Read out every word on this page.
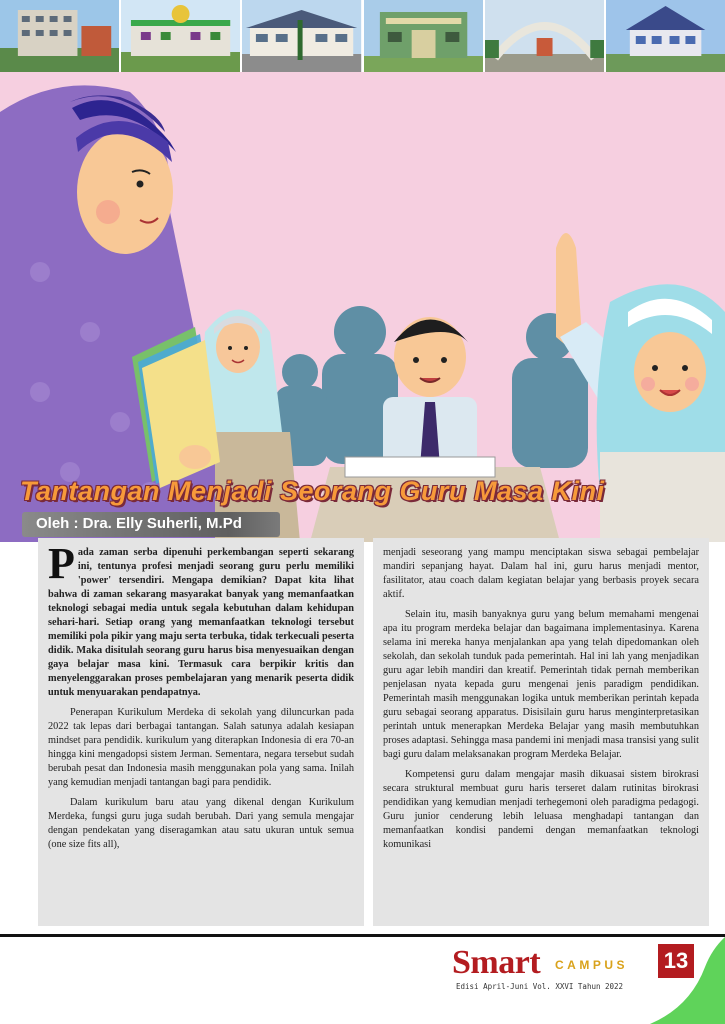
Tantangan Menjadi Seorang Guru Masa Kini
Oleh : Dra. Elly Suherli, M.Pd

Pada zaman serba dipenuhi perkembangan seperti sekarang ini, tentunya profesi menjadi seorang guru perlu memiliki 'power' tersendiri. Mengapa demikian? Dapat kita lihat bahwa di zaman sekarang masyarakat banyak yang memanfaatkan teknologi sebagai media untuk segala kebutuhan dalam kehidupan sehari-hari. Setiap orang yang memanfaatkan teknologi tersebut memiliki pola pikir yang maju serta terbuka, tidak terkecuali peserta didik. Maka disitulah seorang guru harus bisa menyesuaikan dengan gaya belajar masa kini. Termasuk cara berpikir kritis dan menyelenggarakan proses pembelajaran yang menarik peserta didik untuk menyuarakan pendapatnya.

Penerapan Kurikulum Merdeka di sekolah yang diluncurkan pada 2022 tak lepas dari berbagai tantangan. Salah satunya adalah kesiapan mindset para pendidik. kurikulum yang diterapkan Indonesia di era 70-an hingga kini mengadopsi sistem Jerman. Sementara, negara tersebut sudah berubah pesat dan Indonesia masih menggunakan pola yang sama. Inilah yang kemudian menjadi tantangan bagi para pendidik.

Dalam kurikulum baru atau yang dikenal dengan Kurikulum Merdeka, fungsi guru juga sudah berubah. Dari yang semula mengajar dengan pendekatan yang diseragamkan atau satu ukuran untuk semua (one size fits all),

menjadi seseorang yang mampu menciptakan siswa sebagai pembelajar mandiri sepanjang hayat. Dalam hal ini, guru harus menjadi mentor, fasilitator, atau coach dalam kegiatan belajar yang berbasis proyek secara aktif.

Selain itu, masih banyaknya guru yang belum memahami mengenai apa itu program merdeka belajar dan bagaimana implementasinya. Karena selama ini mereka hanya menjalankan apa yang telah dipedomankan oleh sekolah, dan sekolah tunduk pada pemerintah. Hal ini lah yang menjadikan guru agar lebih mandiri dan kreatif. Pemerintah tidak pernah memberikan penjelasan nyata kepada guru mengenai jenis paradigm pendidikan. Pemerintah masih menggunakan logika untuk memberikan perintah kepada guru sebagai seorang apparatus. Disisilain guru harus menginterpretasikan perintah untuk menerapkan Merdeka Belajar yang masih membutuhkan proses adaptasi. Sehingga masa pandemi ini menjadi masa transisi yang sulit bagi guru dalam melaksanakan program Merdeka Belajar.

Kompetensi guru dalam mengajar masih dikuasai sistem birokrasi secara struktural membuat guru haris terseret dalam rutinitas birokrasi pendidikan yang kemudian menjadi terhegemoni oleh paradigma pedagogi. Guru junior cenderung lebih leluasa menghadapi tantangan dan memanfaatkan kondisi pandemi dengan memanfaatkan teknologi komunikasi

Smart CAMPUS
Edisi April-Juni Vol. XXVI Tahun 2022
13
